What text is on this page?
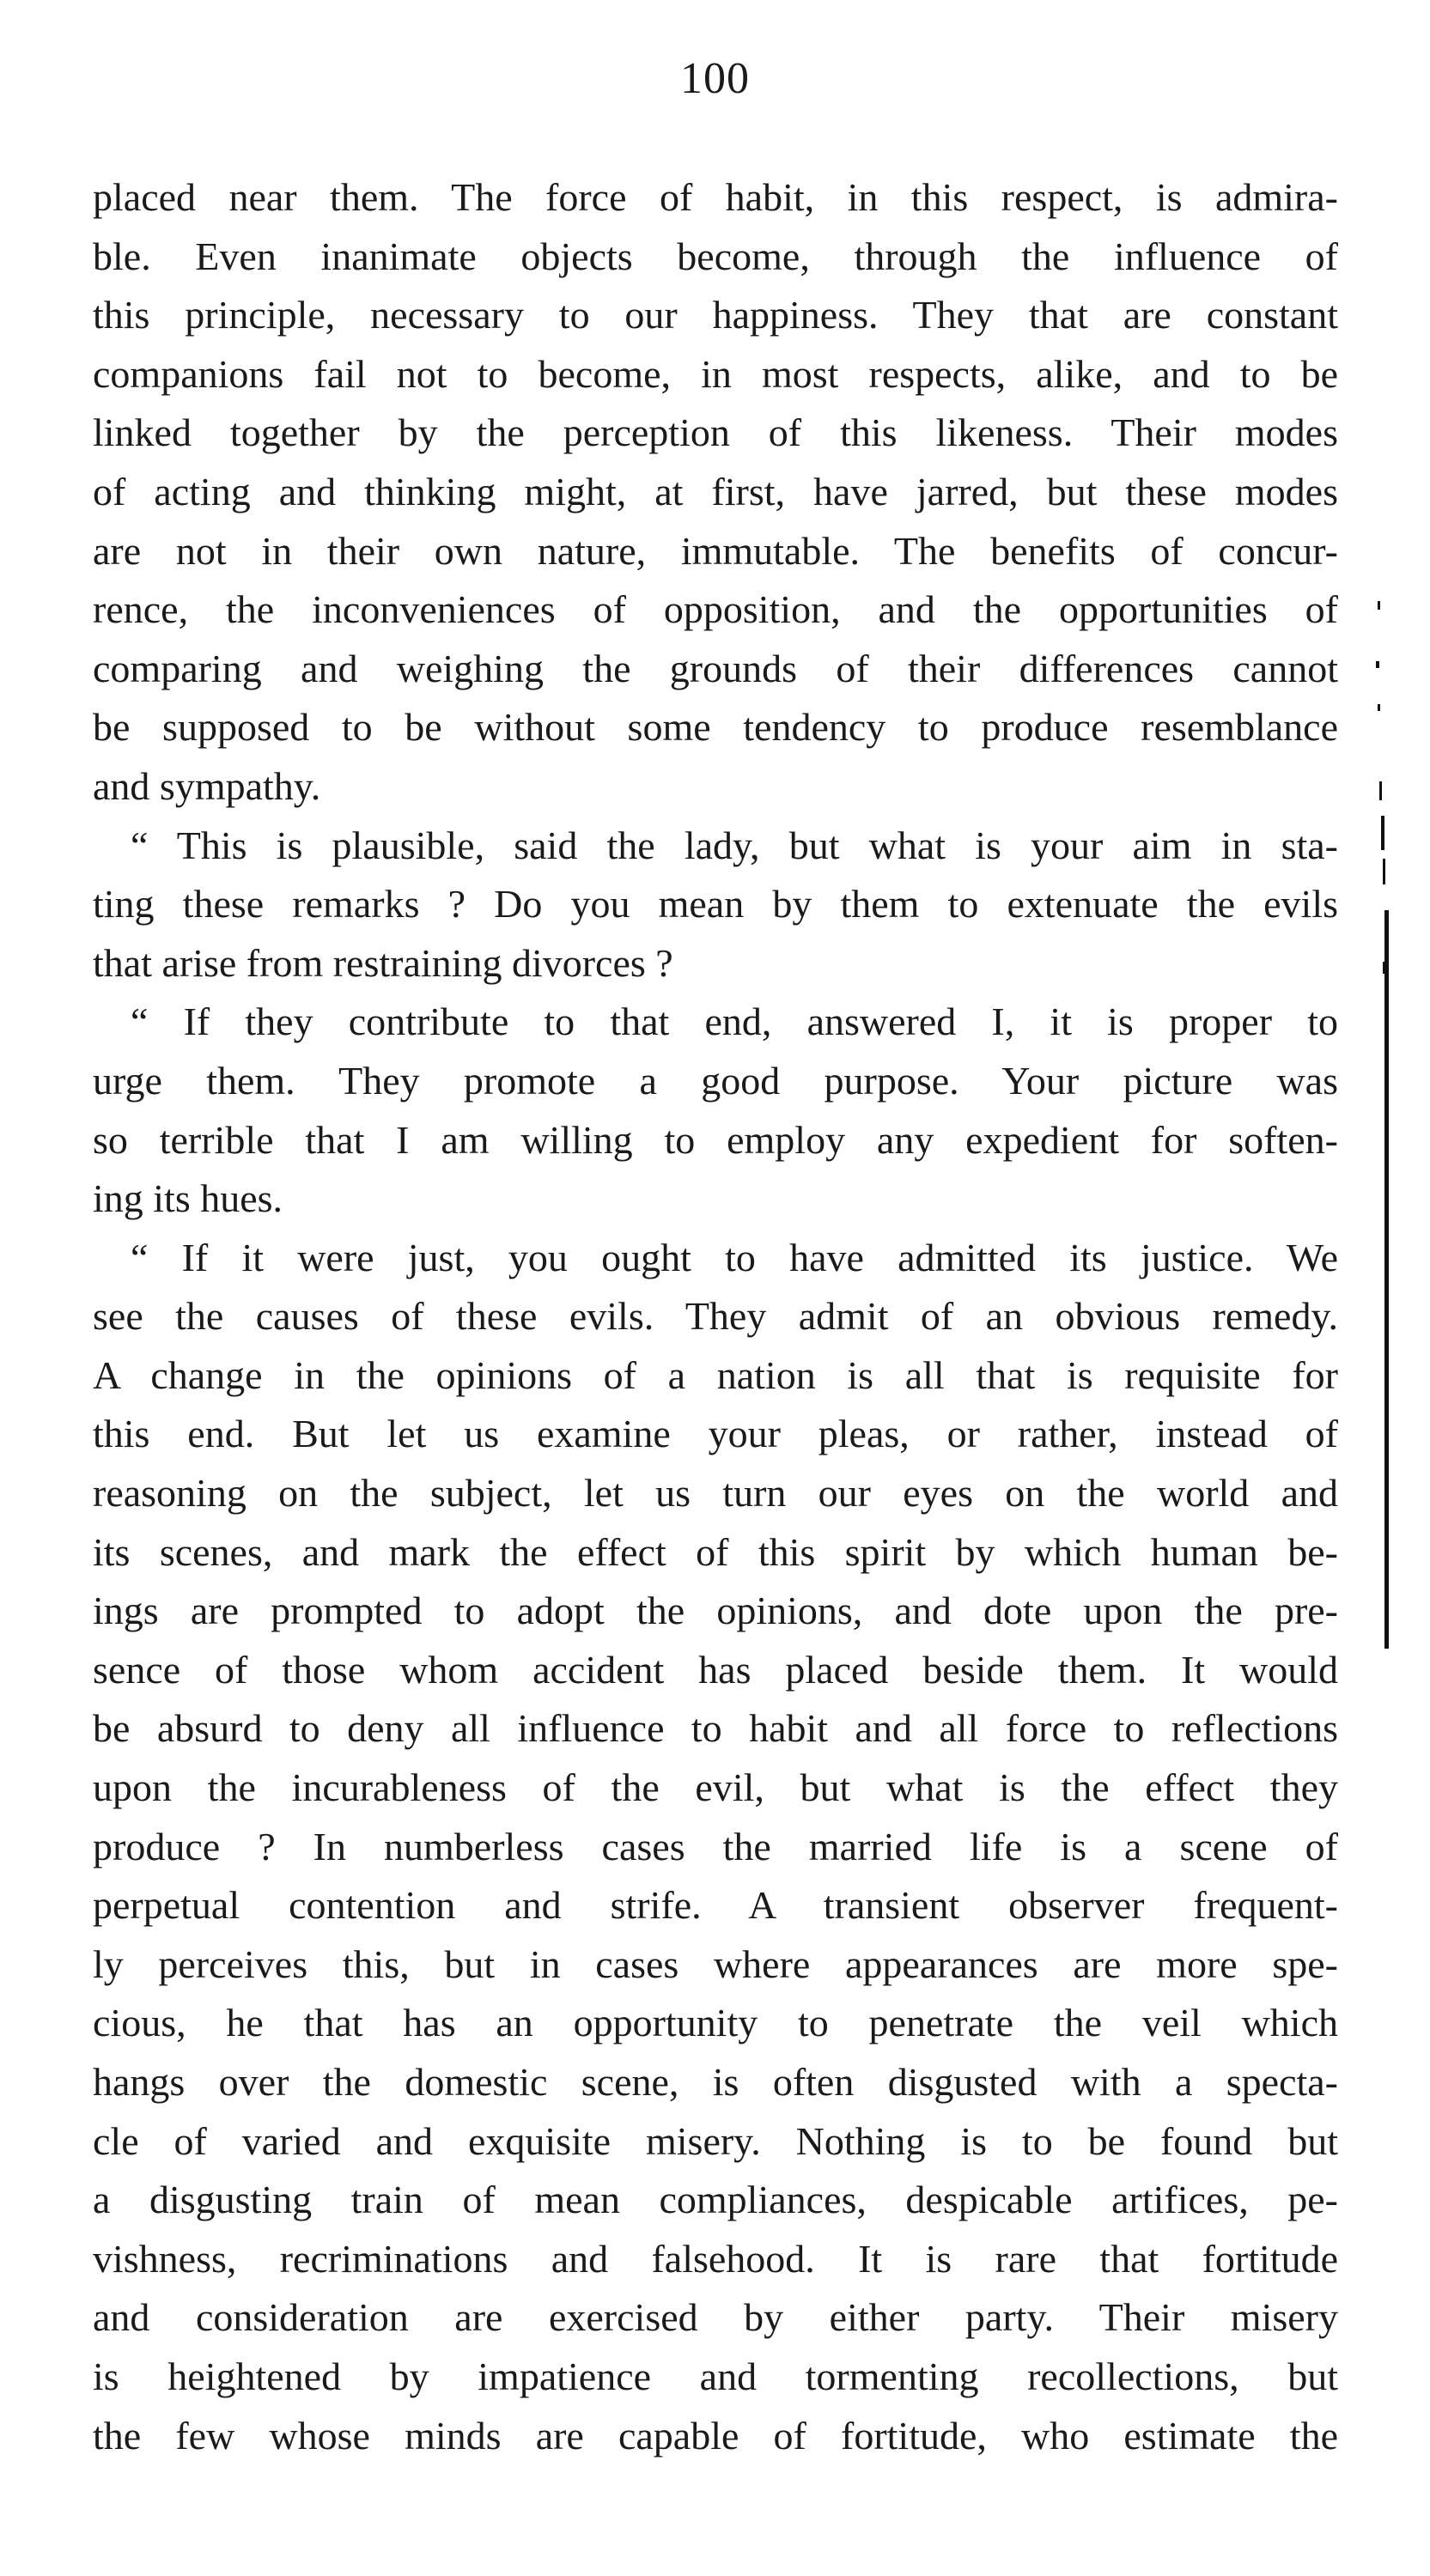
100
placed near them. The force of habit, in this respect, is admira-
ble. Even inanimate objects become, through the influence of
this principle, necessary to our happiness. They that are constant
companions fail not to become, in most respects, alike, and to be
linked together by the perception of this likeness. Their modes
of acting and thinking might, at first, have jarred, but these modes
are not in their own nature, immutable. The benefits of concur-
rence, the inconveniences of opposition, and the opportunities of
comparing and weighing the grounds of their differences cannot
be supposed to be without some tendency to produce resemblance
and sympathy.
“ This is plausible, said the lady, but what is your aim in sta-
ting these remarks ? Do you mean by them to extenuate the evils
that arise from restraining divorces ?
“ If they contribute to that end, answered I, it is proper to
urge them. They promote a good purpose. Your picture was
so terrible that I am willing to employ any expedient for soften-
ing its hues.
“ If it were just, you ought to have admitted its justice. We
see the causes of these evils. They admit of an obvious remedy.
A change in the opinions of a nation is all that is requisite for
this end. But let us examine your pleas, or rather, instead of
reasoning on the subject, let us turn our eyes on the world and
its scenes, and mark the effect of this spirit by which human be-
ings are prompted to adopt the opinions, and dote upon the pre-
sence of those whom accident has placed beside them. It would
be absurd to deny all influence to habit and all force to reflections
upon the incurableness of the evil, but what is the effect they
produce ? In numberless cases the married life is a scene of
perpetual contention and strife. A transient observer frequent-
ly perceives this, but in cases where appearances are more spe-
cious, he that has an opportunity to penetrate the veil which
hangs over the domestic scene, is often disgusted with a specta-
cle of varied and exquisite misery. Nothing is to be found but
a disgusting train of mean compliances, despicable artifices, pe-
vishness, recriminations and falsehood. It is rare that fortitude
and consideration are exercised by either party. Their misery
is heightened by impatience and tormenting recollections, but
the few whose minds are capable of fortitude, who estimate the
